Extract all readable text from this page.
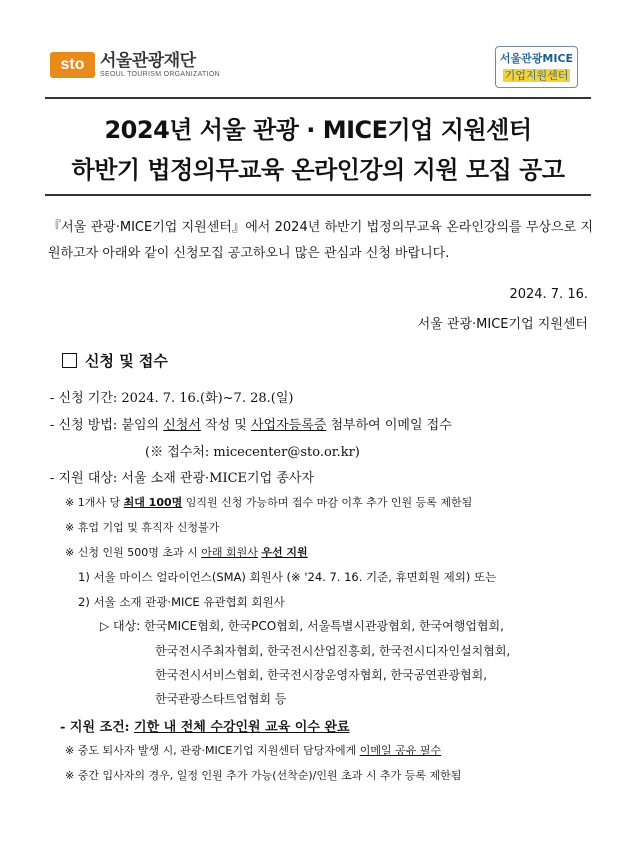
sto 서울관광재단
SEOUL TOURISM ORGANIZATION
서울관광MICE
기업지원센터
2024년 서울 관광 · MICE기업 지원센터
하반기 법정의무교육 온라인강의 지원 모집 공고
『서울 관광·MICE기업 지원센터』에서 2024년 하반기 법정의무교육 온라인강의를 무상으로 지원하고자 아래와 같이 신청모집 공고하오니 많은 관심과 신청 바랍니다.
2024. 7. 16.
서울 관광·MICE기업 지원센터
신청 및 접수
- 신청 기간: 2024. 7. 16.(화)~7. 28.(일)
- 신청 방법: 붙임의 신청서 작성 및 사업자등록증 첨부하여 이메일 접수
(※ 접수처: micecenter@sto.or.kr)
- 지원 대상: 서울 소재 관광·MICE기업 종사자
※ 1개사 당 최대 100명 임직원 신청 가능하며 접수 마감 이후 추가 인원 등록 제한됨
※ 휴업 기업 및 휴직자 신청불가
※ 신청 인원 500명 초과 시 아래 회원사 우선 지원
1) 서울 마이스 얼라이언스(SMA) 회원사 (※ '24. 7. 16. 기준, 휴면회원 제외) 또는
2) 서울 소재 관광·MICE 유관협회 회원사
▷ 대상: 한국MICE협회, 한국PCO협회, 서울특별시관광협회, 한국여행업협회,
한국전시주최자협회, 한국전시산업진흥회, 한국전시디자인설치협회,
한국전시서비스협회, 한국전시장운영자협회, 한국공연관광협회,
한국관광스타트업협회 등
- 지원 조건: 기한 내 전체 수강인원 교육 이수 완료
※ 중도 퇴사자 발생 시, 관광·MICE기업 지원센터 담당자에게 이메일 공유 필수
※ 중간 입사자의 경우, 일정 인원 추가 가능(선착순)/인원 초과 시 추가 등록 제한됨
